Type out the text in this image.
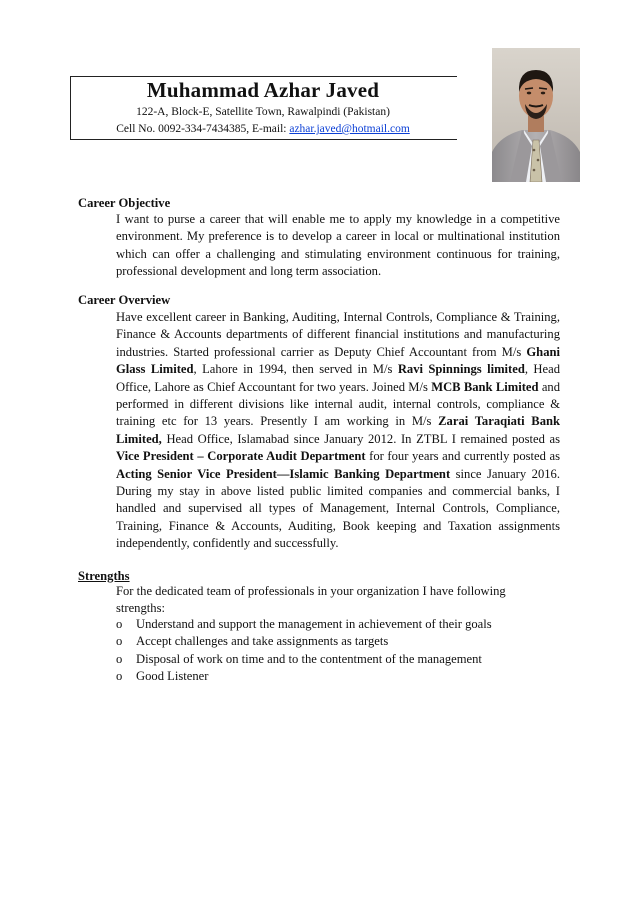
Muhammad Azhar Javed
122-A, Block-E, Satellite Town, Rawalpindi (Pakistan)
Cell No. 0092-334-7434385, E-mail: azhar.javed@hotmail.com
Career Objective
I want to purse a career that will enable me to apply my knowledge in a competitive environment. My preference is to develop a career in local or multinational institution which can offer a challenging and stimulating environment continuous for training, professional development and long term association.
Career Overview
Have excellent career in Banking, Auditing, Internal Controls, Compliance & Training, Finance & Accounts departments of different financial institutions and manufacturing industries. Started professional carrier as Deputy Chief Accountant from M/s Ghani Glass Limited, Lahore in 1994, then served in M/s Ravi Spinnings limited, Head Office, Lahore as Chief Accountant for two years. Joined M/s MCB Bank Limited and performed in different divisions like internal audit, internal controls, compliance & training etc for 13 years. Presently I am working in M/s Zarai Taraqiati Bank Limited, Head Office, Islamabad since January 2012. In ZTBL I remained posted as Vice President – Corporate Audit Department for four years and currently posted as Acting Senior Vice President—Islamic Banking Department since January 2016. During my stay in above listed public limited companies and commercial banks, I handled and supervised all types of Management, Internal Controls, Compliance, Training, Finance & Accounts, Auditing, Book keeping and Taxation assignments independently, confidently and successfully.
Strengths
For the dedicated team of professionals in your organization I have following strengths:
o	Understand and support the management in achievement of their goals
o	Accept challenges and take assignments as targets
o	Disposal of work on time and to the contentment of the management
o	Good Listener
